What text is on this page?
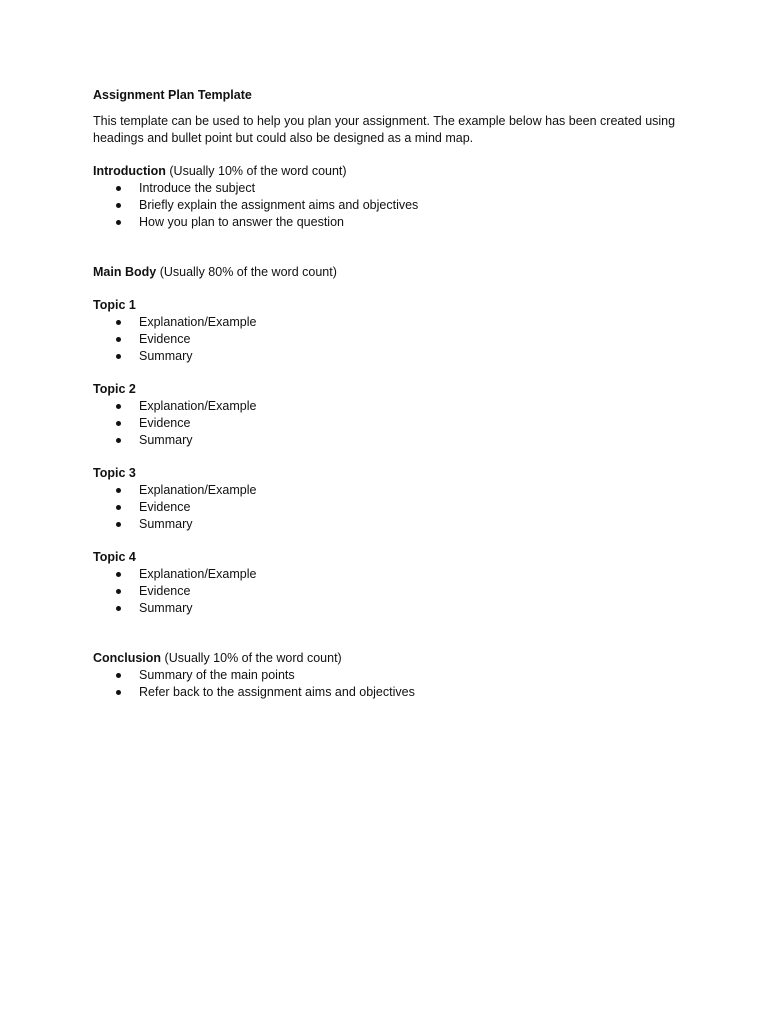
Assignment Plan Template

This template can be used to help you plan your assignment. The example below has been created using headings and bullet point but could also be designed as a mind map.

Introduction (Usually 10% of the word count)

Introduce the subject
Briefly explain the assignment aims and objectives
How you plan to answer the question

Main Body (Usually 80% of the word count)

Topic 1

Explanation/Example
Evidence
Summary

Topic 2

Explanation/Example
Evidence
Summary

Topic 3

Explanation/Example
Evidence
Summary

Topic 4

Explanation/Example
Evidence
Summary

Conclusion (Usually 10% of the word count)

Summary of the main points
Refer back to the assignment aims and objectives
